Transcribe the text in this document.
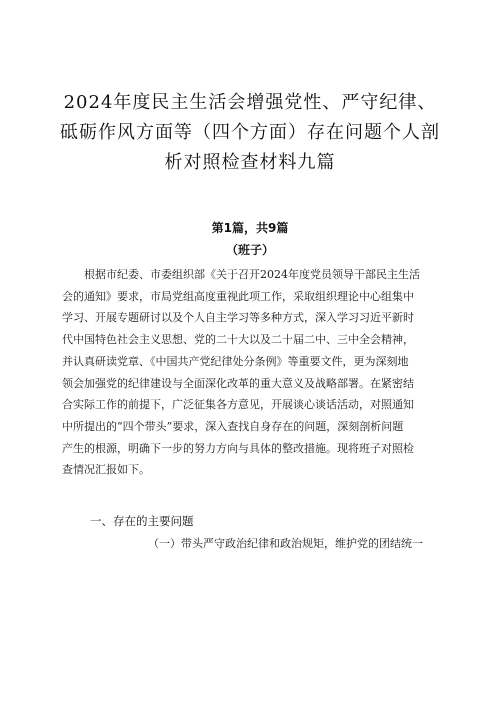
2024年度民主生活会增强党性、严守纪律、
砥砺作风方面等（四个方面）存在问题个人剖
析对照检查材料九篇
第1篇，共9篇
（班子）
根据市纪委、市委组织部《关于召开2024年度党员领导干部民主生活
会的通知》要求，市局党组高度重视此项工作，采取组织理论中心组集中
学习、开展专题研讨以及个人自主学习等多种方式，深入学习习近平新时
代中国特色社会主义思想、党的二十大以及二十届二中、三中全会精神，
并认真研读党章、《中国共产党纪律处分条例》等重要文件，更为深刻地
领会加强党的纪律建设与全面深化改革的重大意义及战略部署。在紧密结
合实际工作的前提下，广泛征集各方意见，开展谈心谈话活动，对照通知
中所提出的“四个带头”要求，深入查找自身存在的问题，深刻剖析问题
产生的根源，明确下一步的努力方向与具体的整改措施。现将班子对照检
查情况汇报如下。
一、存在的主要问题
（一）带头严守政治纪律和政治规矩，维护党的团结统一
